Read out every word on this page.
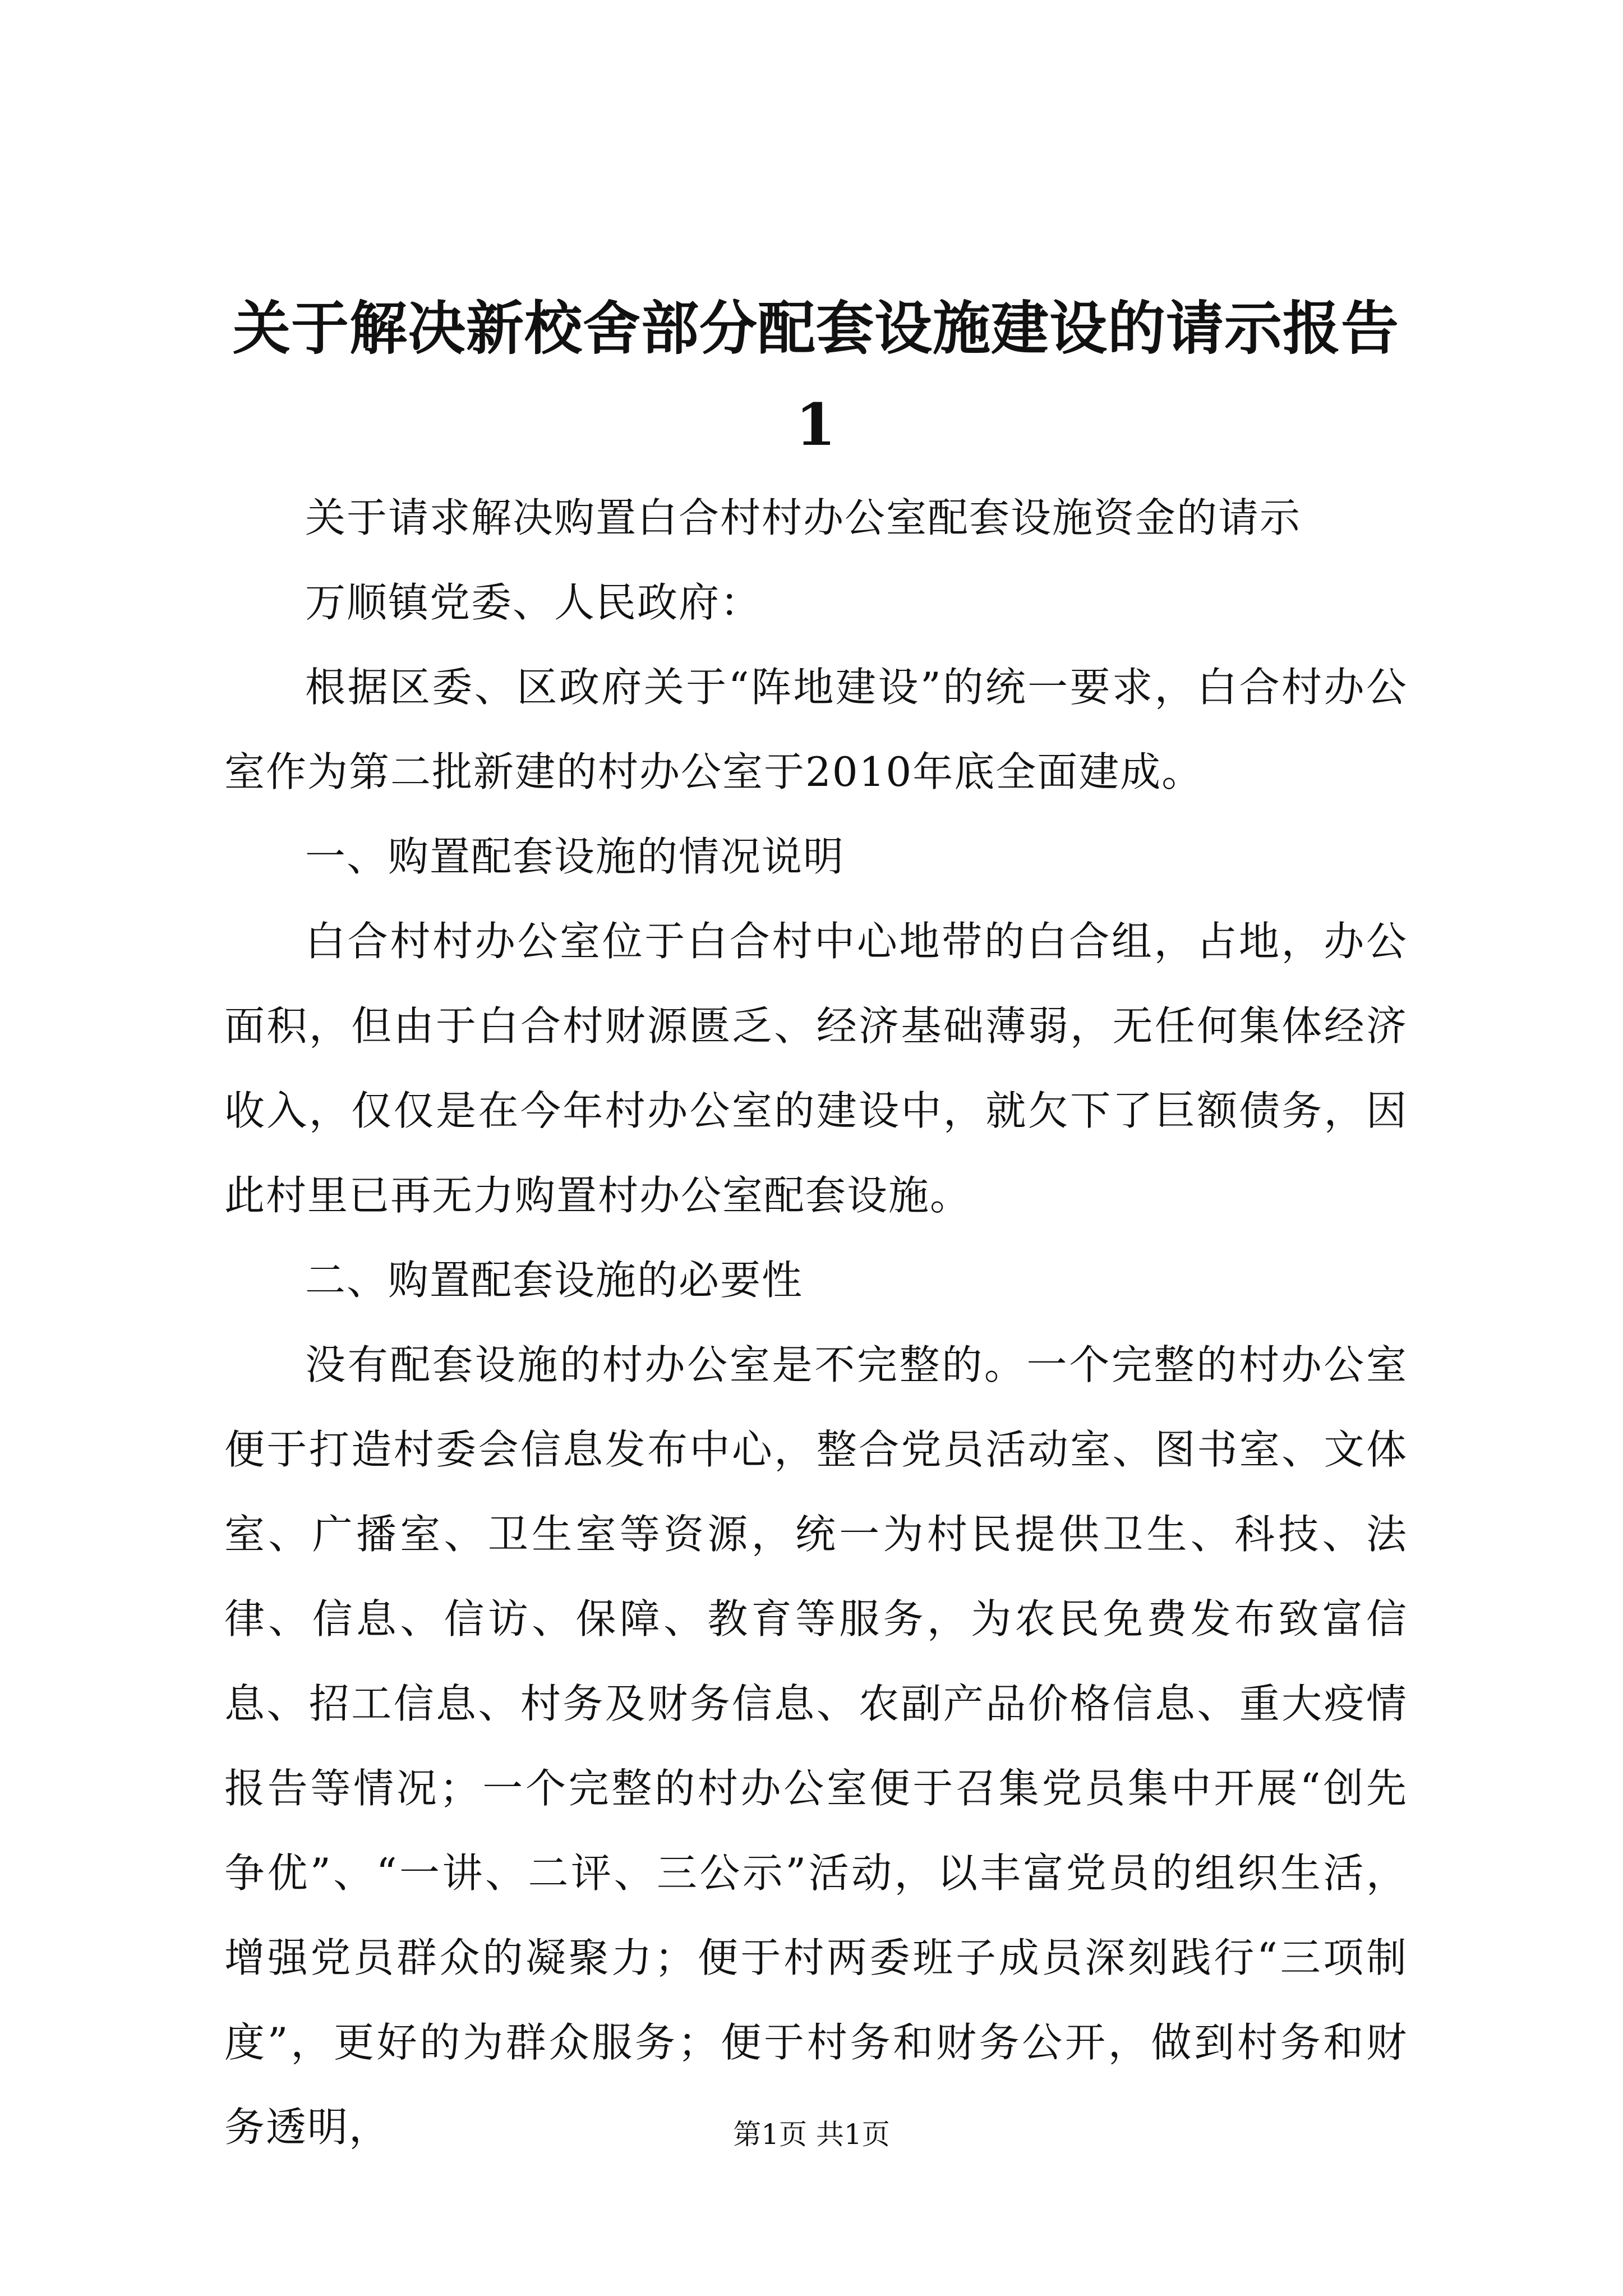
关于解决新校舍部分配套设施建设的请示报告1

关于请求解决购置白合村村办公室配套设施资金的请示

万顺镇党委、人民政府：

根据区委、区政府关于“阵地建设”的统一要求，白合村办公室作为第二批新建的村办公室于2010年底全面建成。

一、购置配套设施的情况说明

白合村村办公室位于白合村中心地带的白合组，占地，办公面积，但由于白合村财源匮乏、经济基础薄弱，无任何集体经济收入，仅仅是在今年村办公室的建设中，就欠下了巨额债务，因此村里已再无力购置村办公室配套设施。

二、购置配套设施的必要性

没有配套设施的村办公室是不完整的。一个完整的村办公室便于打造村委会信息发布中心，整合党员活动室、图书室、文体室、广播室、卫生室等资源，统一为村民提供卫生、科技、法律、信息、信访、保障、教育等服务，为农民免费发布致富信息、招工信息、村务及财务信息、农副产品价格信息、重大疫情报告等情况；一个完整的村办公室便于召集党员集中开展“创先争优”、“一讲、二评、三公示”活动，以丰富党员的组织生活，增强党员群众的凝聚力；便于村两委班子成员深刻践行“三项制度”，更好的为群众服务；便于村务和财务公开，做到村务和财务透明，	第1页 共1页
